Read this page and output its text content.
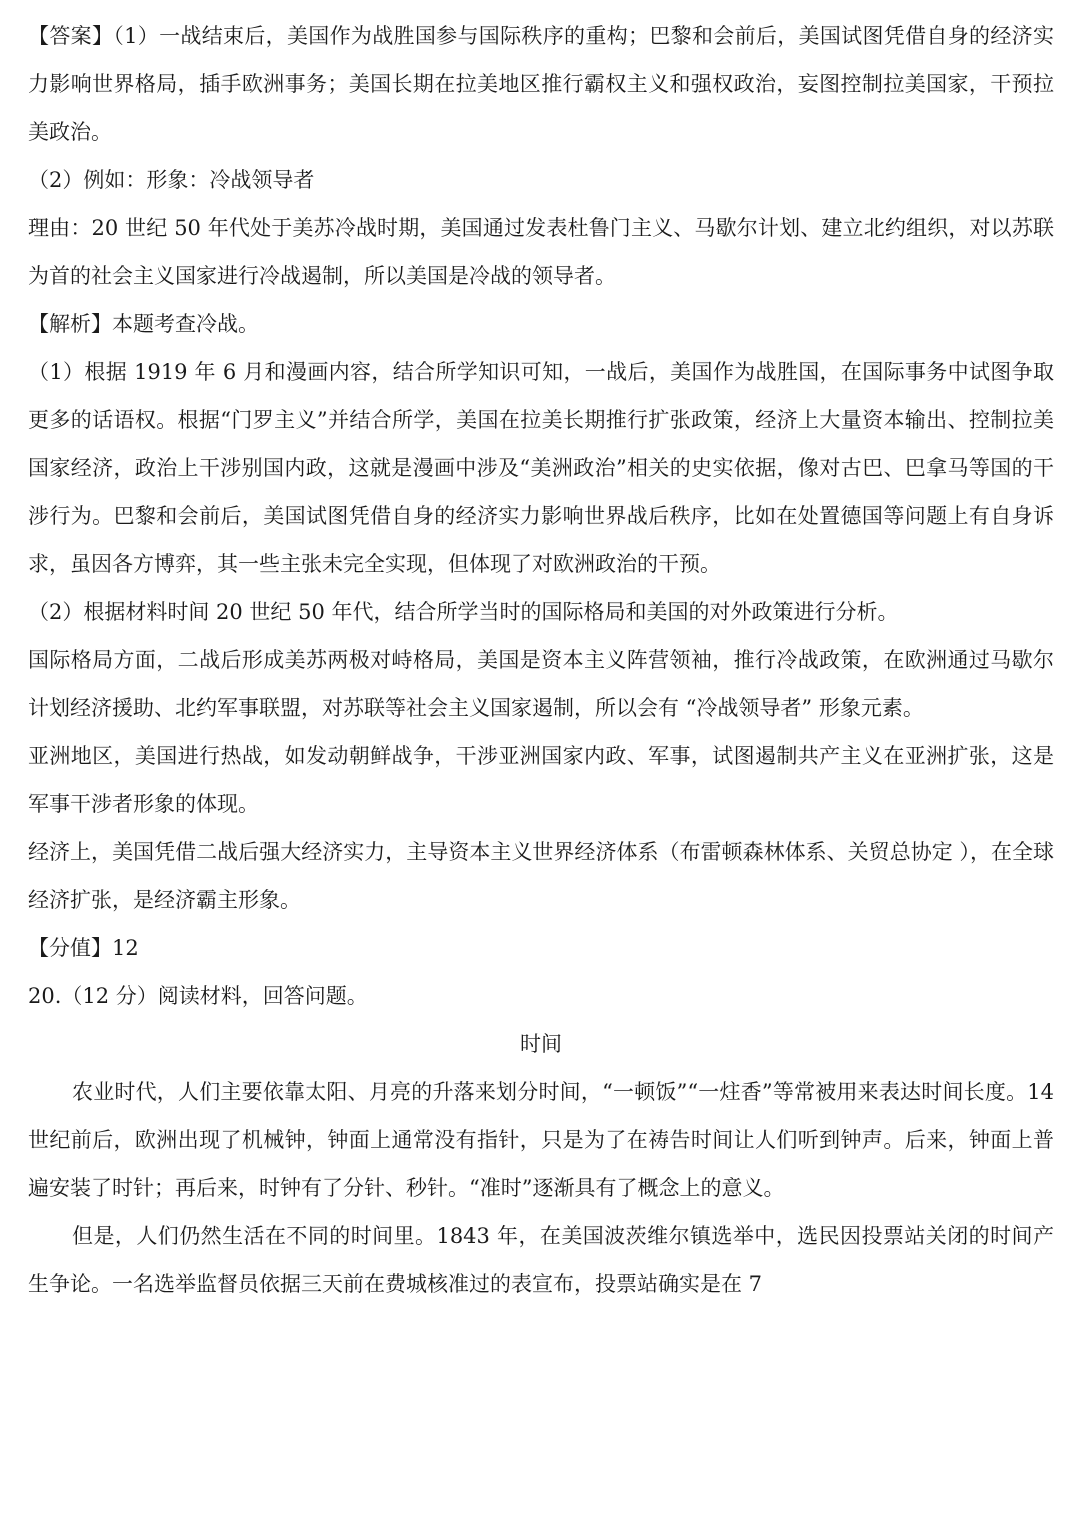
【答案】（1）一战结束后，美国作为战胜国参与国际秩序的重构；巴黎和会前后，美国试图凭借自身的经济实力影响世界格局，插手欧洲事务；美国长期在拉美地区推行霸权主义和强权政治，妄图控制拉美国家，干预拉美政治。

（2）例如：形象：冷战领导者

理由：20 世纪 50 年代处于美苏冷战时期，美国通过发表杜鲁门主义、马歇尔计划、建立北约组织，对以苏联为首的社会主义国家进行冷战遏制，所以美国是冷战的领导者。

【解析】本题考查冷战。

（1）根据 1919 年 6 月和漫画内容，结合所学知识可知，一战后，美国作为战胜国，在国际事务中试图争取更多的话语权。根据“门罗主义”并结合所学，美国在拉美长期推行扩张政策，经济上大量资本输出、控制拉美国家经济，政治上干涉别国内政，这就是漫画中涉及“美洲政治”相关的史实依据，像对古巴、巴拿马等国的干涉行为。巴黎和会前后，美国试图凭借自身的经济实力影响世界战后秩序，比如在处置德国等问题上有自身诉求，虽因各方博弈，其一些主张未完全实现，但体现了对欧洲政治的干预。

（2）根据材料时间 20 世纪 50 年代，结合所学当时的国际格局和美国的对外政策进行分析。

国际格局方面，二战后形成美苏两极对峙格局，美国是资本主义阵营领袖，推行冷战政策，在欧洲通过马歇尔计划经济援助、北约军事联盟，对苏联等社会主义国家遏制，所以会有 “冷战领导者” 形象元素。

亚洲地区，美国进行热战，如发动朝鲜战争，干涉亚洲国家内政、军事，试图遏制共产主义在亚洲扩张，这是军事干涉者形象的体现。

经济上，美国凭借二战后强大经济实力，主导资本主义世界经济体系（布雷顿森林体系、关贸总协定 ），在全球经济扩张，是经济霸主形象。

【分值】12

20.（12 分）阅读材料，回答问题。

时间

农业时代，人们主要依靠太阳、月亮的升落来划分时间，“一顿饭”“一炷香”等常被用来表达时间长度。14 世纪前后，欧洲出现了机械钟，钟面上通常没有指针，只是为了在祷告时间让人们听到钟声。后来，钟面上普遍安装了时针；再后来，时钟有了分针、秒针。“准时”逐渐具有了概念上的意义。

但是，人们仍然生活在不同的时间里。1843 年，在美国波茨维尔镇选举中，选民因投票站关闭的时间产生争论。一名选举监督员依据三天前在费城核准过的表宣布，投票站确实是在 7
